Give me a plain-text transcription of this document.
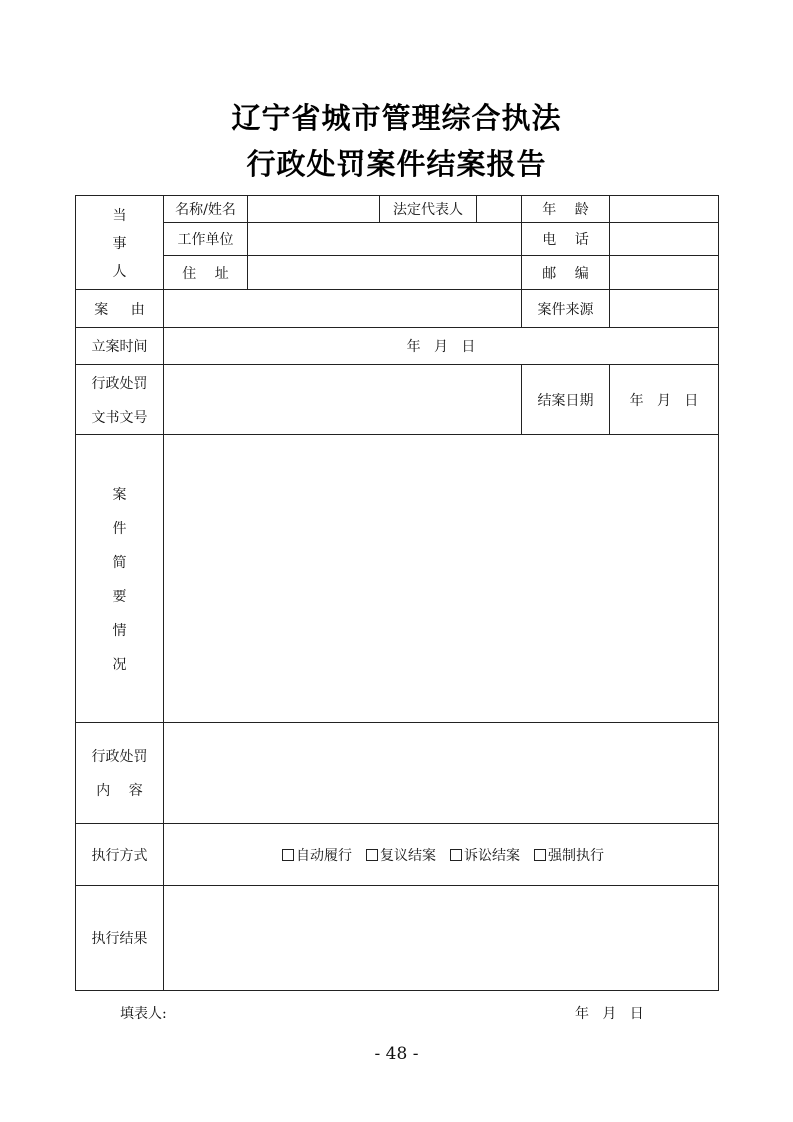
辽宁省城市管理综合执法
行政处罚案件结案报告
当
事
人
名称/姓名	法定代表人	年 龄
工作单位	电 话
住 址	邮 编
案 由	案件来源
立案时间	年   月   日
行政处罚
文书文号
结案日期	年   月   日
案
件
简
要
情
况
行政处罚
内 容
执行方式	自动履行 复议结案 诉讼结案 强制执行
执行结果
填表人:	年   月   日
- 48 -
